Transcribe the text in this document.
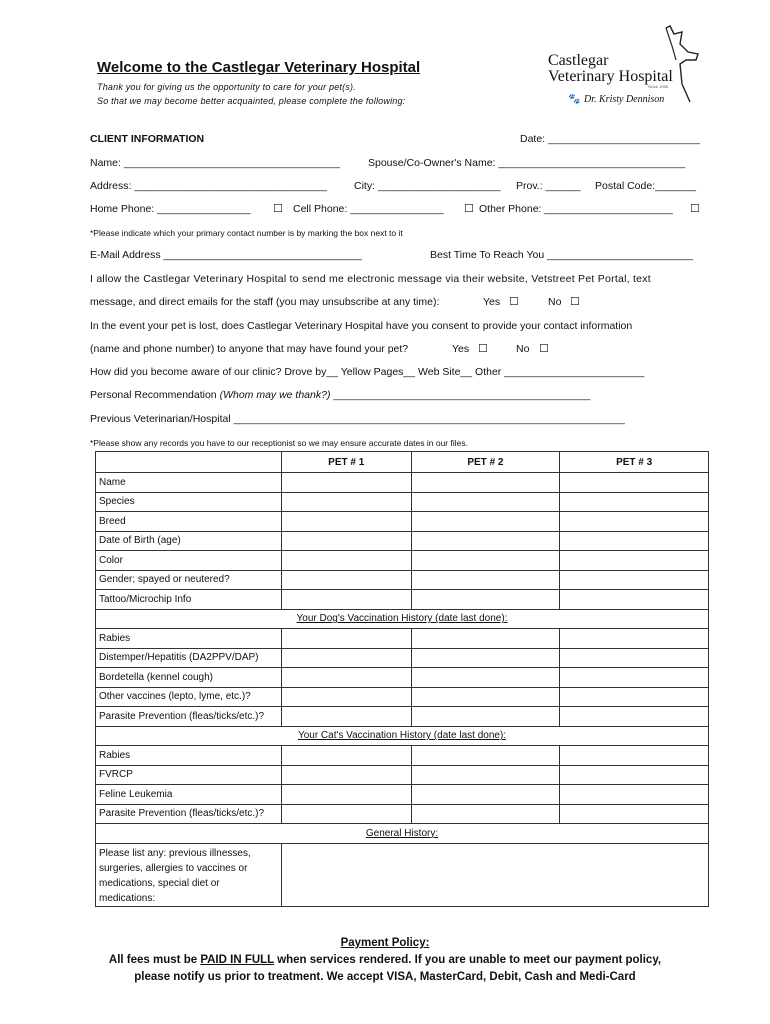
Welcome to the Castlegar Veterinary Hospital
Thank you for giving us the opportunity to care for your pet(s).
So that we may become better acquainted, please complete the following:
Castlegar
Veterinary Hospital
Since 1965
🐾 Dr. Kristy Dennison
CLIENT INFORMATION	Date: __________________________
Name: _____________________________________	Spouse/Co-Owner's Name: ________________________________
Address: _________________________________	City: _____________________ Prov.: ______ Postal Code:_______
Home Phone: ________________ ☐ Cell Phone: ________________ ☐ Other Phone: ______________________ ☐
*Please indicate which your primary contact number is by marking the box next to it
E-Mail Address __________________________________	Best Time To Reach You _________________________
I allow the Castlegar Veterinary Hospital to send me electronic message via their website, Vetstreet Pet Portal, text
message, and direct emails for the staff (you may unsubscribe at any time):	Yes ☐	No ☐
In the event your pet is lost, does Castlegar Veterinary Hospital have you consent to provide your contact information
(name and phone number) to anyone that may have found your pet?	Yes ☐	No ☐
How did you become aware of our clinic? Drove by__ Yellow Pages__ Web Site__ Other ________________________
Personal Recommendation (Whom may we thank?) ____________________________________________
Previous Veterinarian/Hospital ___________________________________________________________________
*Please show any records you have to our receptionist so we may ensure accurate dates in our files.
	PET # 1	PET # 2	PET # 3
Name			
Species			
Breed			
Date of Birth (age)			
Color			
Gender; spayed or neutered?			
Tattoo/Microchip Info			
Your Dog's Vaccination History (date last done):			
Rabies			
Distemper/Hepatitis (DA2PPV/DAP)			
Bordetella (kennel cough)			
Other vaccines (lepto, lyme, etc.)?			
Parasite Prevention (fleas/ticks/etc.)?			
Your Cat's Vaccination History (date last done):			
Rabies			
FVRCP			
Feline Leukemia			
Parasite Prevention (fleas/ticks/etc.)?			
General History:			
Please list any: previous illnesses, surgeries, allergies to vaccines or medications, special diet or medications:			
Payment Policy:
All fees must be PAID IN FULL when services rendered. If you are unable to meet our payment policy,
please notify us prior to treatment. We accept VISA, MasterCard, Debit, Cash and Medi-Card
